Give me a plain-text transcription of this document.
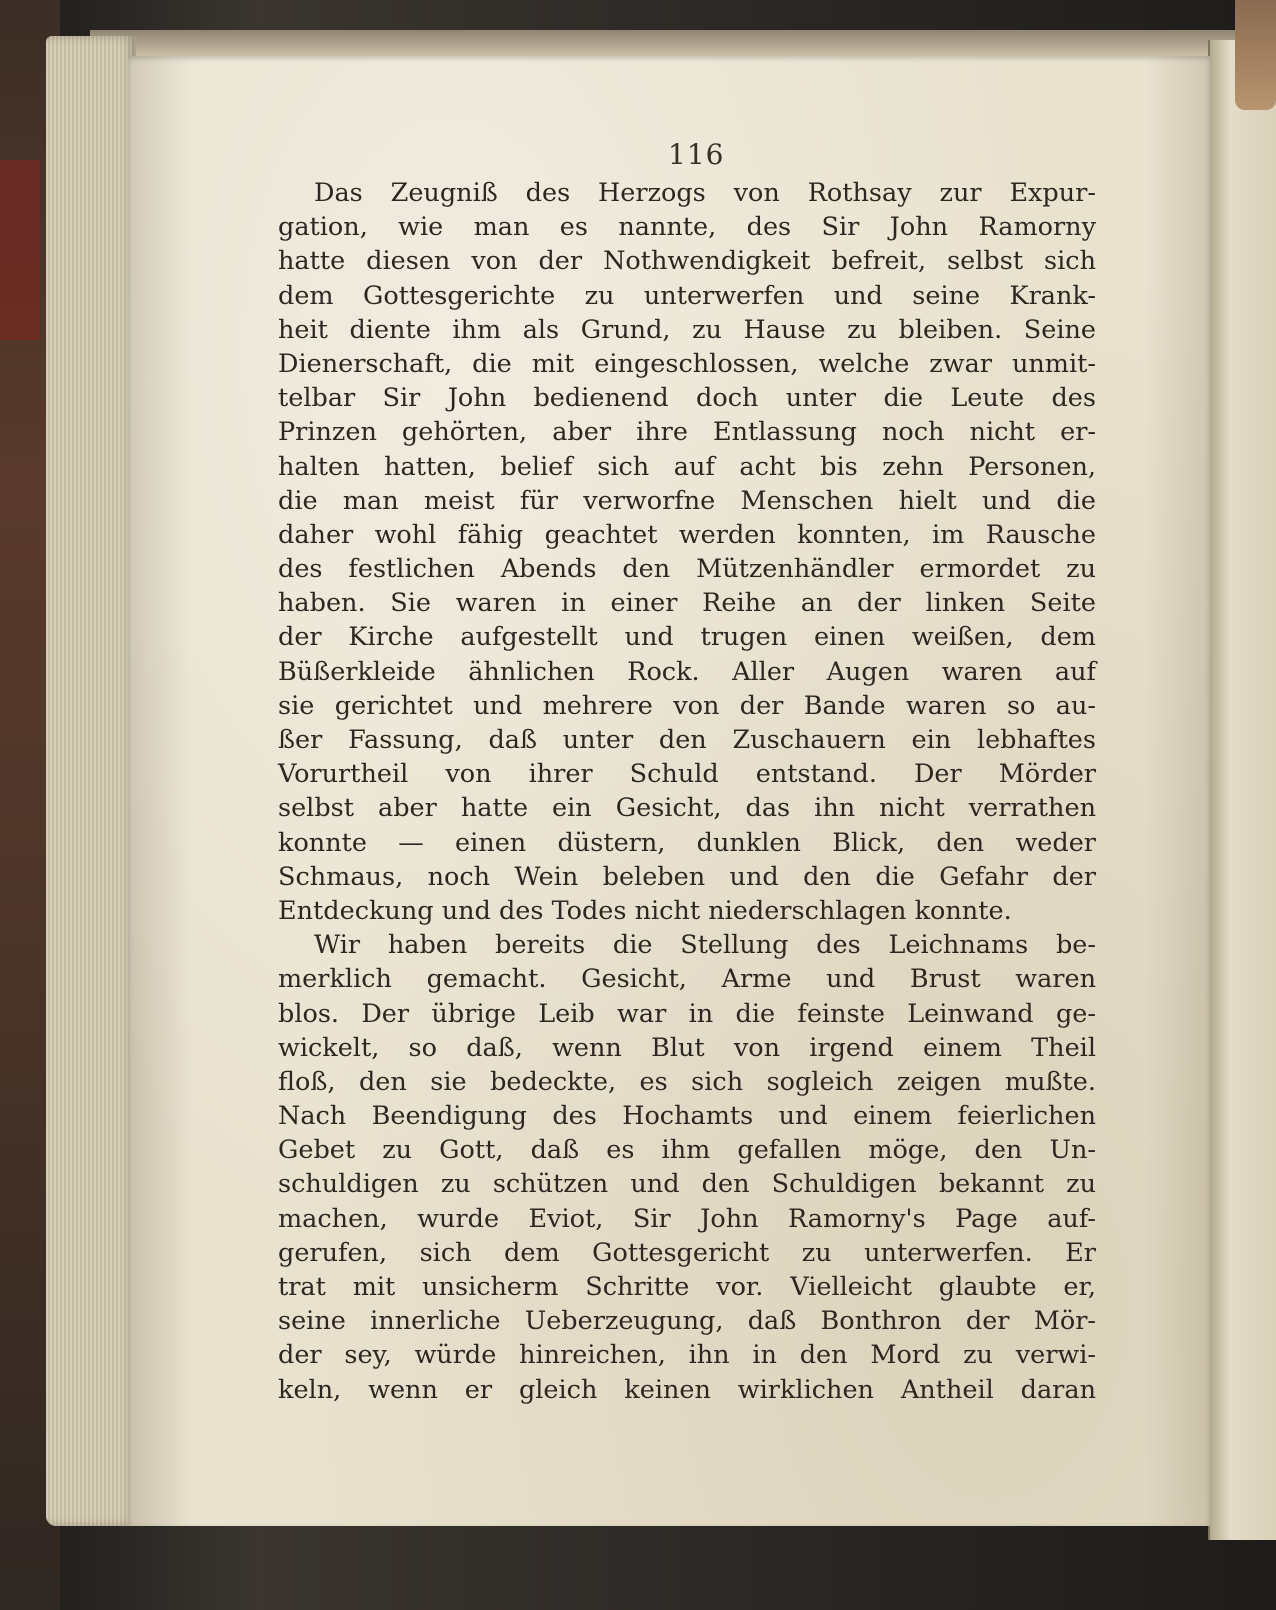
116
Das Zeugniß des Herzogs von Rothsay zur Expur-
gation, wie man es nannte, des Sir John Ramorny
hatte diesen von der Nothwendigkeit befreit, selbst sich
dem Gottesgerichte zu unterwerfen und seine Krank-
heit diente ihm als Grund, zu Hause zu bleiben. Seine
Dienerschaft, die mit eingeschlossen, welche zwar unmit-
telbar Sir John bedienend doch unter die Leute des
Prinzen gehörten, aber ihre Entlassung noch nicht er-
halten hatten, belief sich auf acht bis zehn Personen,
die man meist für verworfne Menschen hielt und die
daher wohl fähig geachtet werden konnten, im Rausche
des festlichen Abends den Mützenhändler ermordet zu
haben. Sie waren in einer Reihe an der linken Seite
der Kirche aufgestellt und trugen einen weißen, dem
Büßerkleide ähnlichen Rock. Aller Augen waren auf
sie gerichtet und mehrere von der Bande waren so au-
ßer Fassung, daß unter den Zuschauern ein lebhaftes
Vorurtheil von ihrer Schuld entstand. Der Mörder
selbst aber hatte ein Gesicht, das ihn nicht verrathen
konnte — einen düstern, dunklen Blick, den weder
Schmaus, noch Wein beleben und den die Gefahr der
Entdeckung und des Todes nicht niederschlagen konnte.
Wir haben bereits die Stellung des Leichnams be-
merklich gemacht. Gesicht, Arme und Brust waren
blos. Der übrige Leib war in die feinste Leinwand ge-
wickelt, so daß, wenn Blut von irgend einem Theil
floß, den sie bedeckte, es sich sogleich zeigen mußte.
Nach Beendigung des Hochamts und einem feierlichen
Gebet zu Gott, daß es ihm gefallen möge, den Un-
schuldigen zu schützen und den Schuldigen bekannt zu
machen, wurde Eviot, Sir John Ramorny's Page auf-
gerufen, sich dem Gottesgericht zu unterwerfen. Er
trat mit unsicherm Schritte vor. Vielleicht glaubte er,
seine innerliche Ueberzeugung, daß Bonthron der Mör-
der sey, würde hinreichen, ihn in den Mord zu verwi-
keln, wenn er gleich keinen wirklichen Antheil daran
